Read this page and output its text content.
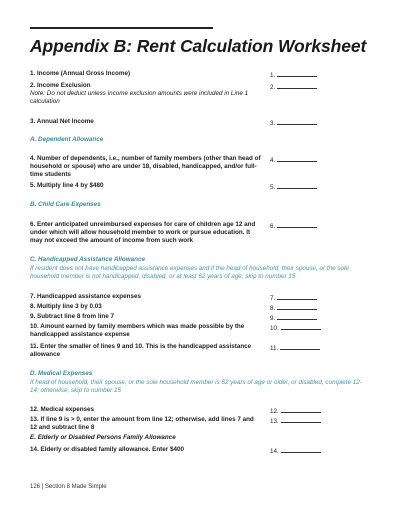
Appendix B: Rent Calculation Worksheet
1. Income (Annual Gross Income)	1.
2. Income Exclusion
Note: Do not deduct unless income exclusion amounts were included in Line 1 calculation
2.
3. Annual Net Income	3.
A. Dependent Allowance
4. Number of dependents, i.e., number of family members (other than head of household or spouse) who are under 18, disabled, handicapped, and/or full-time students
4.
5. Multiply line 4 by $480	5.
B. Child Care Expenses
6. Enter anticipated unreimbursed expenses for care of children age 12 and under which will allow household member to work or pursue education. It may not exceed the amount of income from such work
6.
C. Handicapped Assistance Allowance
If resident does not have handicapped assistance expenses and if the head of household, their spouse, or the sole household member is not handicapped, disabled, or at least 62 years of age, skip to number 15
7. Handicapped assistance expenses	7.
8. Multiply line 3 by 0.03	8.
9. Subtract line 8 from line 7	9.
10. Amount earned by family members which was made possible by the handicapped assistance expense
10.
11. Enter the smaller of lines 9 and 10. This is the handicapped assistance allowance
11.
D. Medical Expenses
If head of household, their spouse, or the sole household member is 62 years of age or older, or disabled, complete 12-14; otherwise, skip to number 15
12. Medical expenses	12.
13. If line 9 is > 0, enter the amount from line 12; otherwise, add lines 7 and 12 and subtract line 8
13.
E. Elderly or Disabled Persons Family Allowance
14. Elderly or disabled family allowance. Enter $400	14.
126 | Section 8 Made Simple
